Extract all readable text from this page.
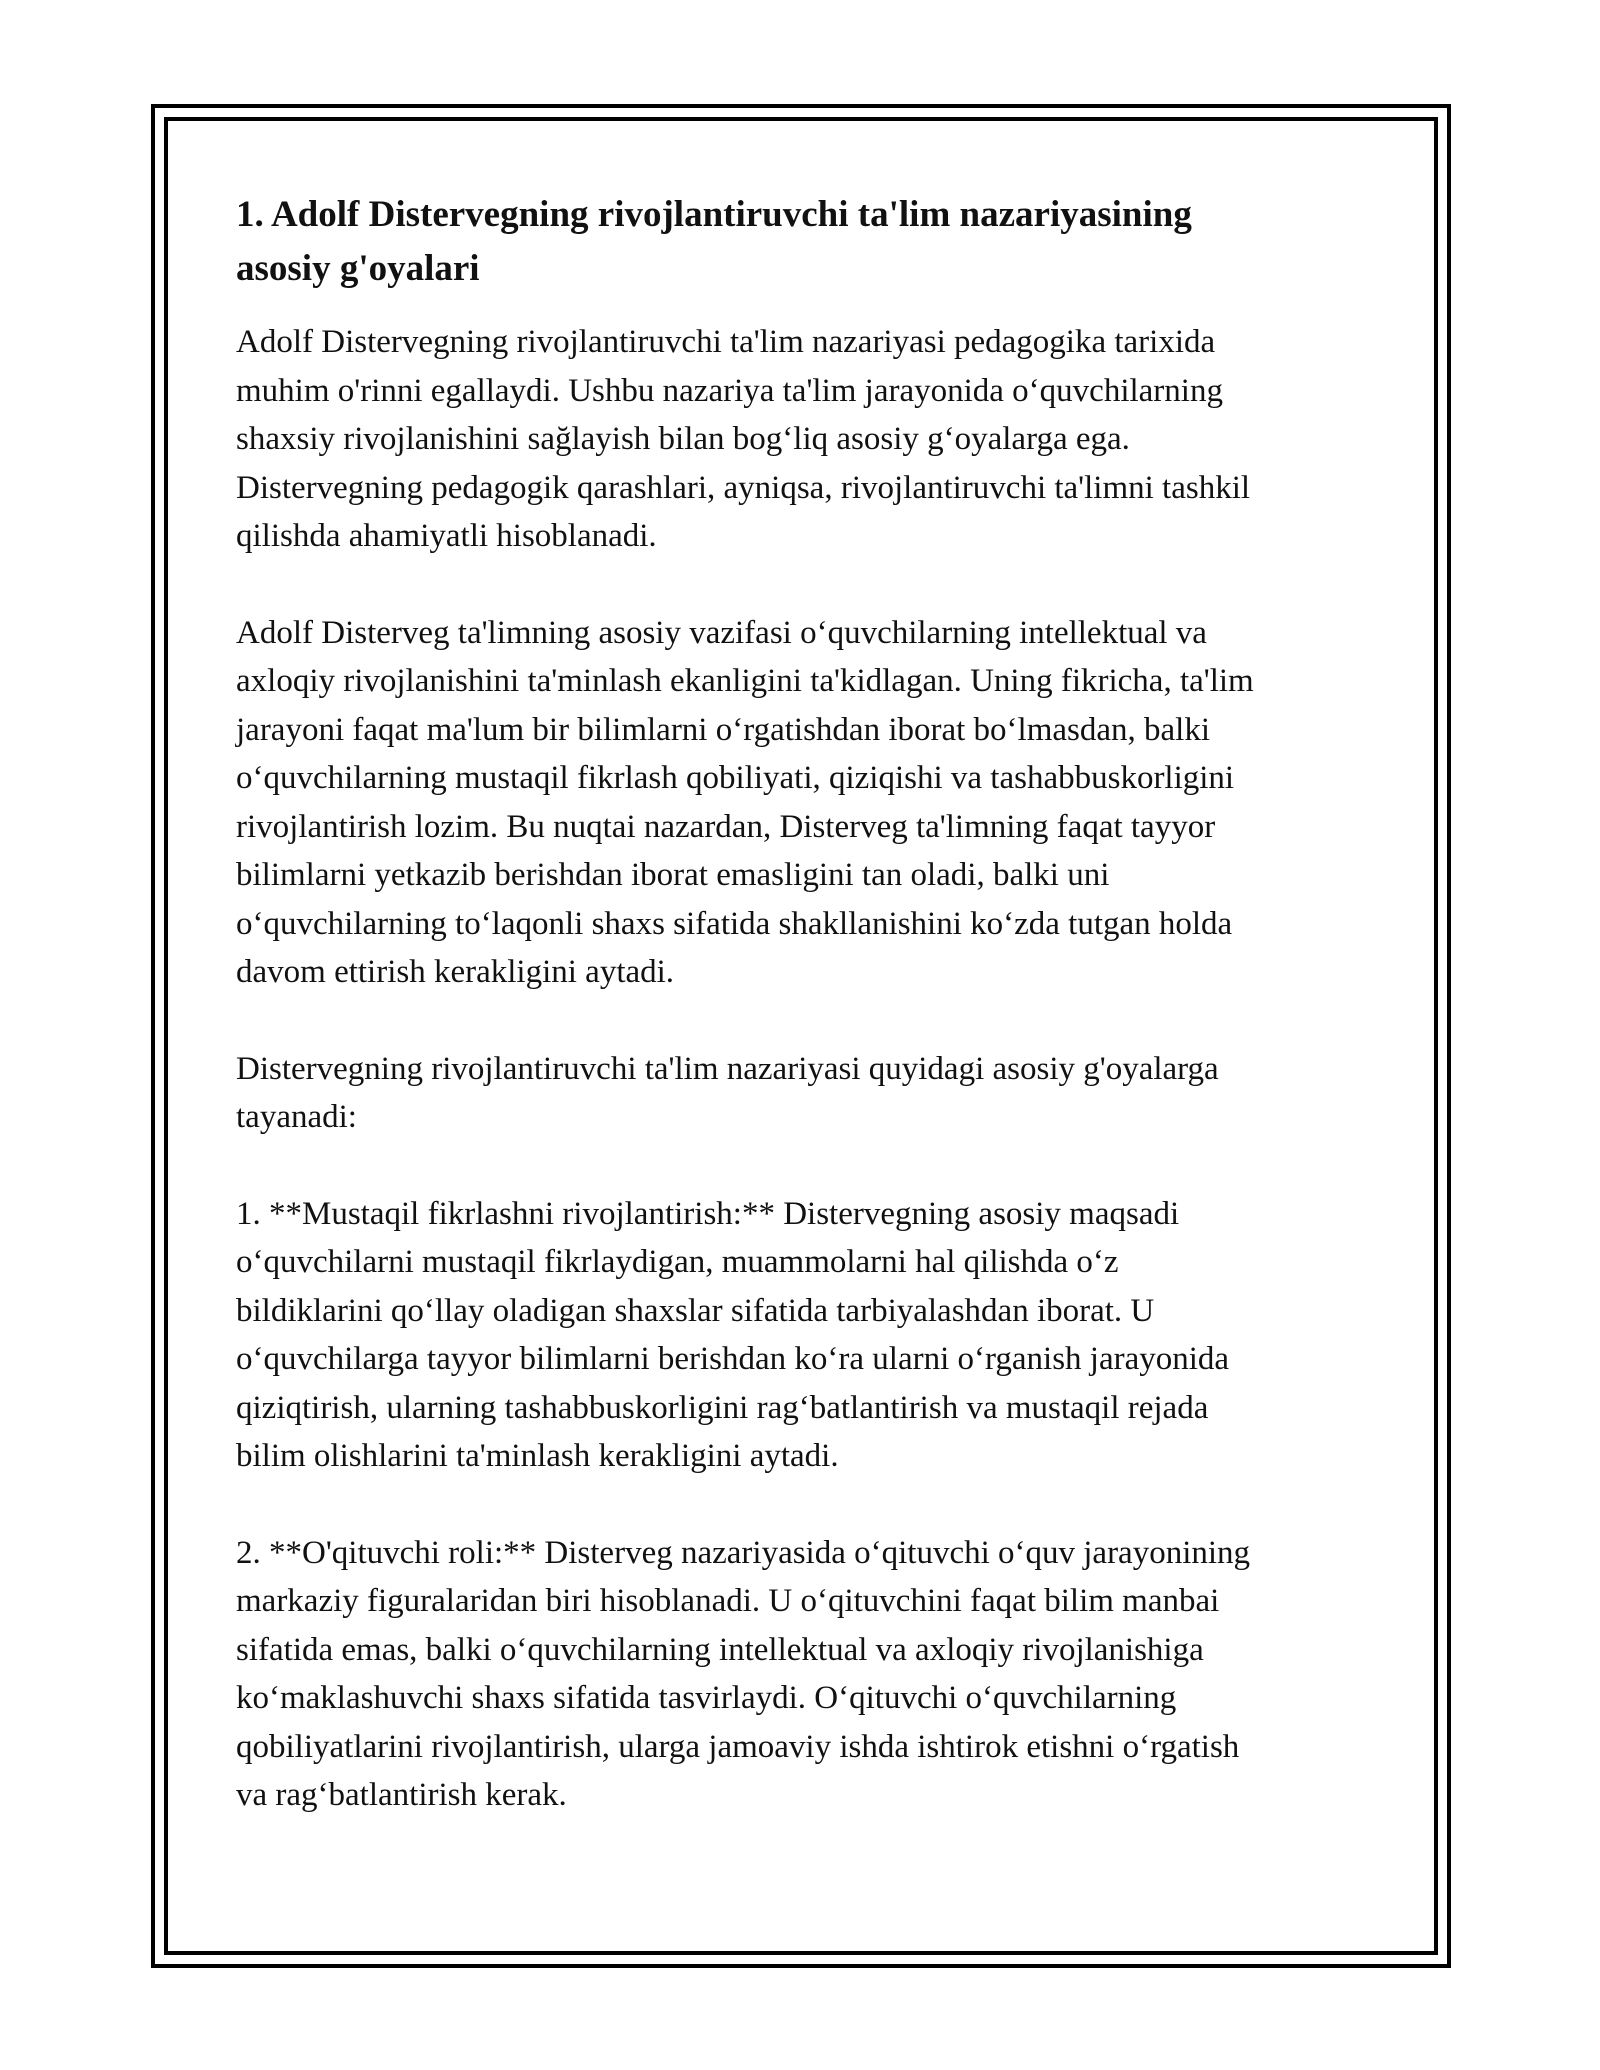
1. Adolf Distervegning rivojlantiruvchi ta'lim nazariyasining
asosiy g'oyalari

Adolf Distervegning rivojlantiruvchi ta'lim nazariyasi pedagogika tarixida
muhim o'rinni egallaydi. Ushbu nazariya ta'lim jarayonida o‘quvchilarning
shaxsiy rivojlanishini sağlayish bilan bog‘liq asosiy g‘oyalarga ega.
Distervegning pedagogik qarashlari, ayniqsa, rivojlantiruvchi ta'limni tashkil
qilishda ahamiyatli hisoblanadi.

Adolf Disterveg ta'limning asosiy vazifasi o‘quvchilarning intellektual va
axloqiy rivojlanishini ta'minlash ekanligini ta'kidlagan. Uning fikricha, ta'lim
jarayoni faqat ma'lum bir bilimlarni o‘rgatishdan iborat bo‘lmasdan, balki
o‘quvchilarning mustaqil fikrlash qobiliyati, qiziqishi va tashabbuskorligini
rivojlantirish lozim. Bu nuqtai nazardan, Disterveg ta'limning faqat tayyor
bilimlarni yetkazib berishdan iborat emasligini tan oladi, balki uni
o‘quvchilarning to‘laqonli shaxs sifatida shakllanishini ko‘zda tutgan holda
davom ettirish kerakligini aytadi.

Distervegning rivojlantiruvchi ta'lim nazariyasi quyidagi asosiy g'oyalarga
tayanadi:

1. **Mustaqil fikrlashni rivojlantirish:** Distervegning asosiy maqsadi
o‘quvchilarni mustaqil fikrlaydigan, muammolarni hal qilishda o‘z
bildiklarini qo‘llay oladigan shaxslar sifatida tarbiyalashdan iborat. U
o‘quvchilarga tayyor bilimlarni berishdan ko‘ra ularni o‘rganish jarayonida
qiziqtirish, ularning tashabbuskorligini rag‘batlantirish va mustaqil rejada
bilim olishlarini ta'minlash kerakligini aytadi.

2. **O'qituvchi roli:** Disterveg nazariyasida o‘qituvchi o‘quv jarayonining
markaziy figuralaridan biri hisoblanadi. U o‘qituvchini faqat bilim manbai
sifatida emas, balki o‘quvchilarning intellektual va axloqiy rivojlanishiga
ko‘maklashuvchi shaxs sifatida tasvirlaydi. O‘qituvchi o‘quvchilarning
qobiliyatlarini rivojlantirish, ularga jamoaviy ishda ishtirok etishni o‘rgatish
va rag‘batlantirish kerak.
